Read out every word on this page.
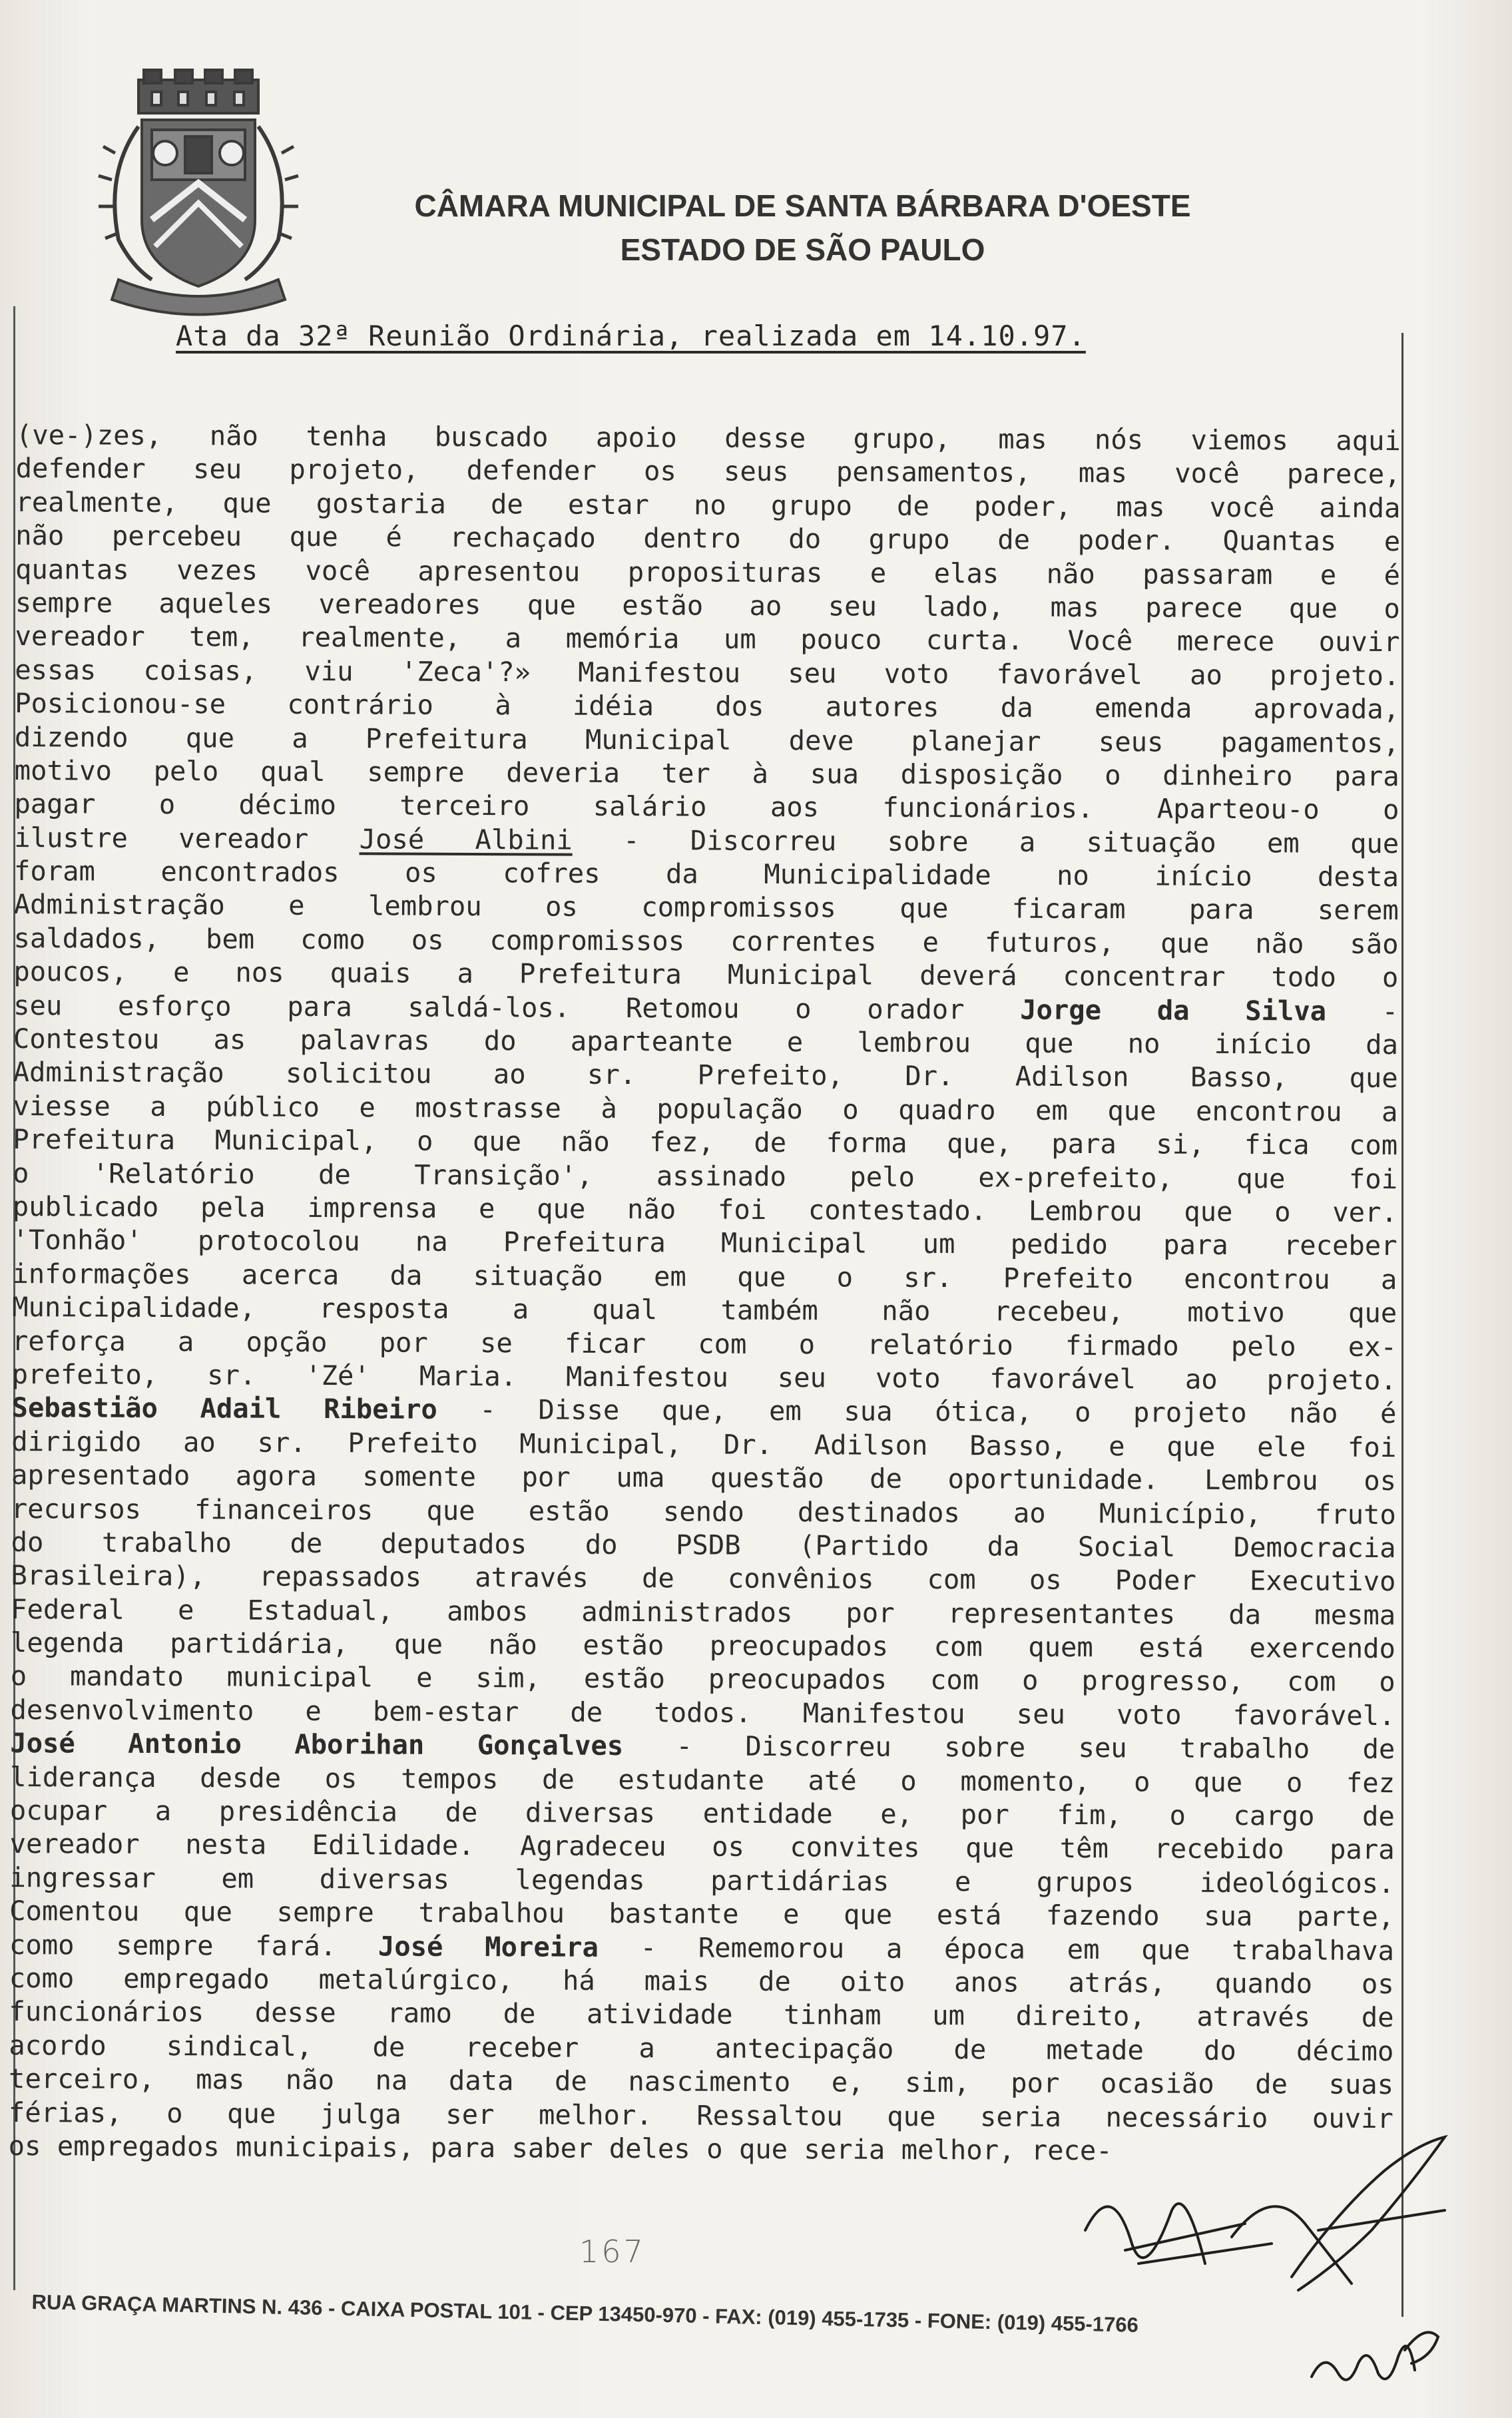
CÂMARA MUNICIPAL DE SANTA BÁRBARA D'OESTE
ESTADO DE SÃO PAULO
Ata da 32ª Reunião Ordinária, realizada em 14.10.97.
(ve-)zes, não tenha buscado apoio desse grupo, mas nós viemos aqui
defender seu projeto, defender os seus pensamentos, mas você parece,
realmente, que gostaria de estar no grupo de poder, mas você ainda
não percebeu que é rechaçado dentro do grupo de poder. Quantas e
quantas vezes você apresentou proposituras e elas não passaram e é
sempre aqueles vereadores que estão ao seu lado, mas parece que o
vereador tem, realmente, a memória um pouco curta. Você merece ouvir
essas coisas, viu 'Zeca'?» Manifestou seu voto favorável ao projeto.
Posicionou-se contrário à idéia dos autores da emenda aprovada,
dizendo que a Prefeitura Municipal deve planejar seus pagamentos,
motivo pelo qual sempre deveria ter à sua disposição o dinheiro para
pagar o décimo terceiro salário aos funcionários. Aparteou-o o
ilustre vereador José Albini - Discorreu sobre a situação em que
foram encontrados os cofres da Municipalidade no início desta
Administração e lembrou os compromissos que ficaram para serem
saldados, bem como os compromissos correntes e futuros, que não são
poucos, e nos quais a Prefeitura Municipal deverá concentrar todo o
seu esforço para saldá-los. Retomou o orador Jorge da Silva -
Contestou as palavras do aparteante e lembrou que no início da
Administração solicitou ao sr. Prefeito, Dr. Adilson Basso, que
viesse a público e mostrasse à população o quadro em que encontrou a
Prefeitura Municipal, o que não fez, de forma que, para si, fica com
o 'Relatório de Transição', assinado pelo ex-prefeito, que foi
publicado pela imprensa e que não foi contestado. Lembrou que o ver.
'Tonhão' protocolou na Prefeitura Municipal um pedido para receber
informações acerca da situação em que o sr. Prefeito encontrou a
Municipalidade, resposta a qual também não recebeu, motivo que
reforça a opção por se ficar com o relatório firmado pelo ex-
prefeito, sr. 'Zé' Maria. Manifestou seu voto favorável ao projeto.
Sebastião Adail Ribeiro - Disse que, em sua ótica, o projeto não é
dirigido ao sr. Prefeito Municipal, Dr. Adilson Basso, e que ele foi
apresentado agora somente por uma questão de oportunidade. Lembrou os
recursos financeiros que estão sendo destinados ao Município, fruto
do trabalho de deputados do PSDB (Partido da Social Democracia
Brasileira), repassados através de convênios com os Poder Executivo
Federal e Estadual, ambos administrados por representantes da mesma
legenda partidária, que não estão preocupados com quem está exercendo
o mandato municipal e sim, estão preocupados com o progresso, com o
desenvolvimento e bem-estar de todos. Manifestou seu voto favorável.
José Antonio Aborihan Gonçalves - Discorreu sobre seu trabalho de
liderança desde os tempos de estudante até o momento, o que o fez
ocupar a presidência de diversas entidade e, por fim, o cargo de
vereador nesta Edilidade. Agradeceu os convites que têm recebido para
ingressar em diversas legendas partidárias e grupos ideológicos.
Comentou que sempre trabalhou bastante e que está fazendo sua parte,
como sempre fará. José Moreira - Rememorou a época em que trabalhava
como empregado metalúrgico, há mais de oito anos atrás, quando os
funcionários desse ramo de atividade tinham um direito, através de
acordo sindical, de receber a antecipação de metade do décimo
terceiro, mas não na data de nascimento e, sim, por ocasião de suas
férias, o que julga ser melhor. Ressaltou que seria necessário ouvir
os empregados municipais, para saber deles o que seria melhor, rece-
167
RUA GRAÇA MARTINS N. 436 - CAIXA POSTAL 101 - CEP 13450-970 - FAX: (019) 455-1735 - FONE: (019) 455-1766
